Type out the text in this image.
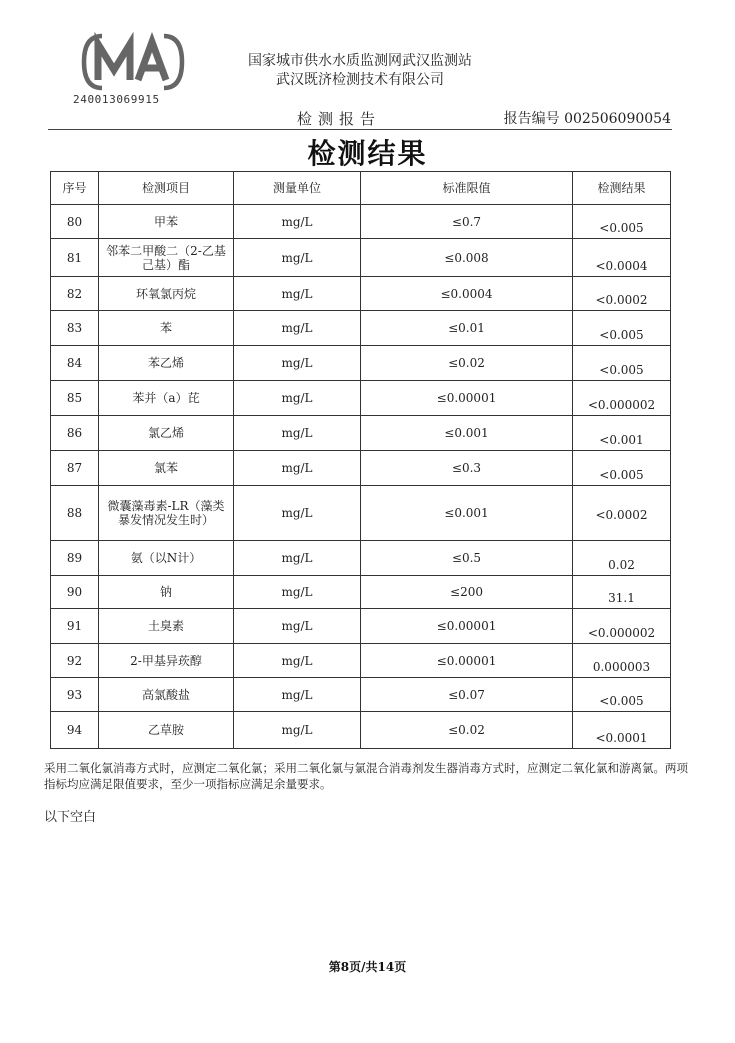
240013069915
国家城市供水水质监测网武汉监测站
武汉既济检测技术有限公司
检测报告	报告编号 002506090054
检测结果
序号	检测项目	测量单位	标准限值	检测结果
80	甲苯	mg/L	≤0.7	<0.005
81	邻苯二甲酸二（2-乙基己基）酯	mg/L	≤0.008	<0.0004
82	环氧氯丙烷	mg/L	≤0.0004	<0.0002
83	苯	mg/L	≤0.01	<0.005
84	苯乙烯	mg/L	≤0.02	<0.005
85	苯并（a）芘	mg/L	≤0.00001	<0.000002
86	氯乙烯	mg/L	≤0.001	<0.001
87	氯苯	mg/L	≤0.3	<0.005
88	微囊藻毒素-LR（藻类暴发情况发生时）	mg/L	≤0.001	<0.0002
89	氨（以N计）	mg/L	≤0.5	0.02
90	钠	mg/L	≤200	31.1
91	土臭素	mg/L	≤0.00001	<0.000002
92	2-甲基异莰醇	mg/L	≤0.00001	0.000003
93	高氯酸盐	mg/L	≤0.07	<0.005
94	乙草胺	mg/L	≤0.02	<0.0001
采用二氧化氯消毒方式时，应测定二氧化氯；采用二氧化氯与氯混合消毒剂发生器消毒方式时，应测定二氧化氯和游离氯。两项指标均应满足限值要求，至少一项指标应满足余量要求。
以下空白
第8页/共14页
